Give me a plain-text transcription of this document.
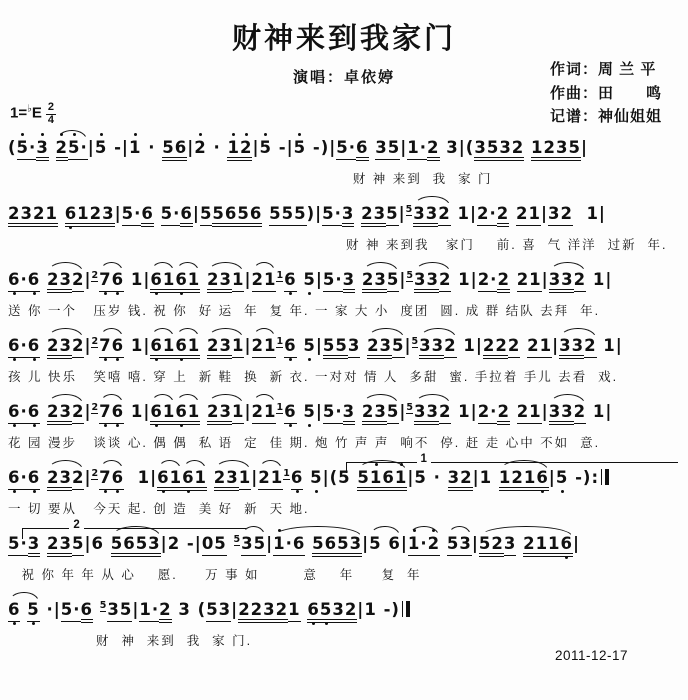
财神来到我家门
演唱：卓依婷	作词：周 兰 平
作曲：田　　鸣
记谱：神仙姐姐
$1=^♭E \frac{2}{4}$
(5
·3 2
5
·|5 -|1 · 56|2 · 1
2
|5 -|5 -)|5·6 35|1·2 3|(3532 1235|
财 神 来到  我  家 门
2321 6
123|5·6 5·6|55656 555)|5·3 $235|^5332$ 1|2·2 21|32 1|
财 神 来到我   家门    前. 喜  气 洋洋  过新  年.
6
·6 $232|^27$
6 1|6
16
1 $231|21^16$ 5
|5·3 $235|^5332$ 1|2·2 21|332 1|
送 你 一个   压岁 钱. 祝 你  好 运  年  复 年. 一 家 大 小  度团  圆. 成 群 结队 去拜  年.
6
·6 $232|^27$
6 1|6
16
1 $231|21^16$ 5
|553 $235|^5332$ 1|222 21|332 1|
孩 儿 快乐   笑嘻 嘻. 穿 上  新 鞋  换  新 衣. 一对对 情 人  多甜  蜜. 手拉着 手儿 去看  戏.
6
·6 $232|^27$
6 1|6
16
1 $231|21^16$ 5
|5·3 $235|^5332$ 1|2·2 21|332 1|
花 园 漫步   谈谈 心. 偶 偶  私 语  定  佳 期. 炮 竹 声 声  响不  停. 赶 走 心中 不如  意.
1
6
·6 $232|^27$
6 1|6
16
1 $231|21^16$ 5
|(5 51
61
|5 · 32|1 1216
|5 -):
一 切 要从   今天 起. 创 造  美 好  新  天 地.
2
5·3 235|6 5653|2 -|05 $^5$35|1
·6 5653|5 6|1
·2 53|523 2116
|
祝 你 年 年 从 心    愿.     万 事 如        意    年     复  年
6 5 ·|5·6 $^5$35|1·2 3 (53|22321 6
5
32|1 -)
财  神  来到  我  家 门.
2011-12-17
